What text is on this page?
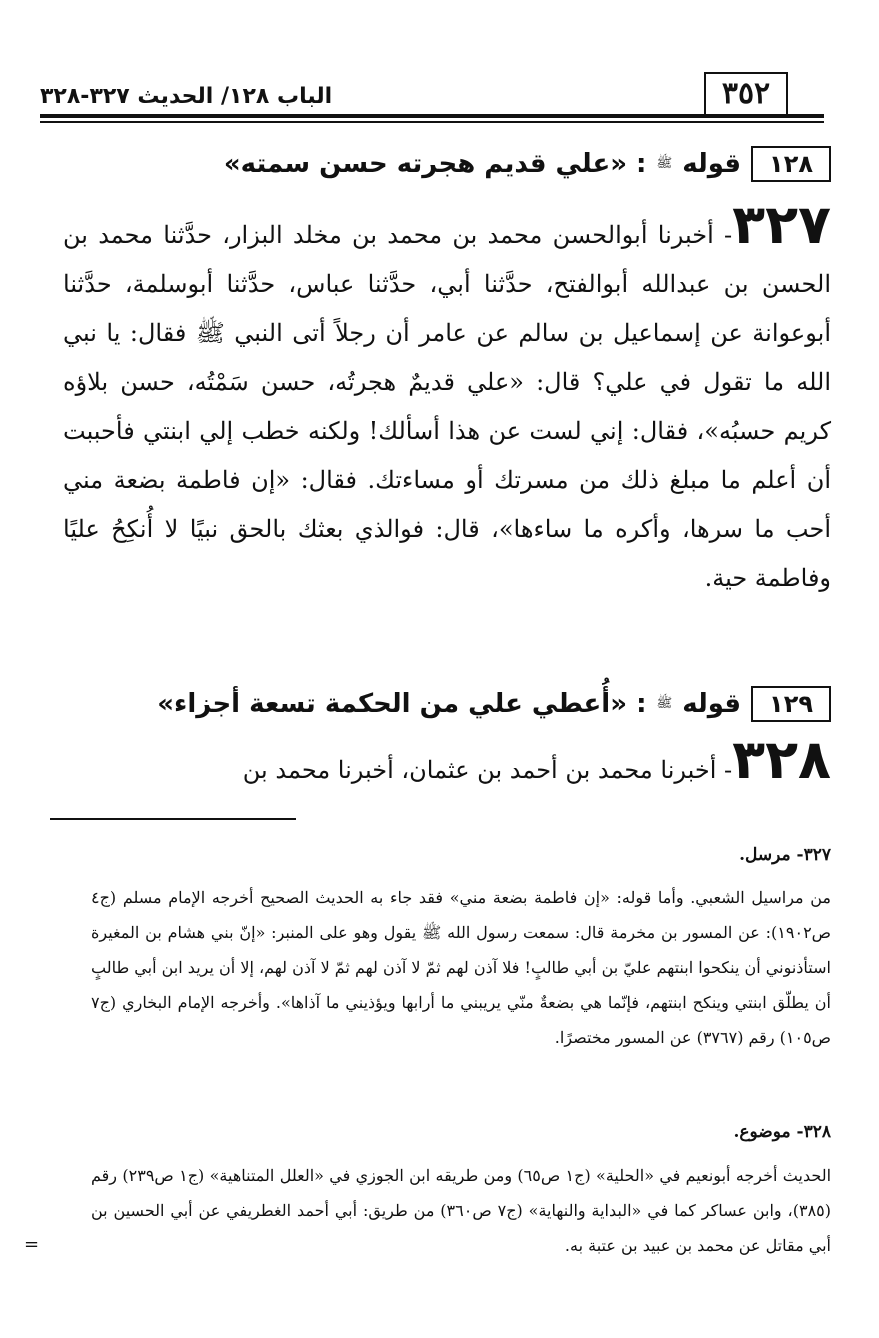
٣٥٢
الباب ١٢٨/ الحديث ٣٢٧-٣٢٨
١٢٨
قوله
ﷺ
: «علي قديم هجرته حسن سمته»
٣٢٧- أخبرنا أبوالحسن محمد بن محمد بن مخلد البزار، حدَّثنا محمد بن الحسن بن عبدالله أبوالفتح، حدَّثنا أبي، حدَّثنا عباس، حدَّثنا أبوسلمة، حدَّثنا أبوعوانة عن إسماعيل بن سالم عن عامر أن رجلاً أتى النبي ﷺ فقال: يا نبي الله ما تقول في علي؟ قال: «علي قديمٌ هجرتُه، حسن سَمْتُه، حسن بلاؤه كريم حسبُه»، فقال: إني لست عن هذا أسألك! ولكنه خطب إلي ابنتي فأحببت أن أعلم ما مبلغ ذلك من مسرتك أو مساءتك. فقال: «إن فاطمة بضعة مني أحب ما سرها، وأكره ما ساءها»، قال: فوالذي بعثك بالحق نبيًا لا أُنكِحُ عليًا وفاطمة حية.
١٢٩
قوله
ﷺ
: «أُعطي علي من الحكمة تسعة أجزاء»
٣٢٨- أخبرنا محمد بن أحمد بن عثمان، أخبرنا محمد بن
٣٢٧- مرسل.
من مراسيل الشعبي. وأما قوله: «إن فاطمة بضعة مني» فقد جاء به الحديث الصحيح أخرجه الإمام مسلم (ج٤ ص١٩٠٢): عن المسور بن مخرمة قال: سمعت رسول الله ﷺ يقول وهو على المنبر: «إنّ بني هشام بن المغيرة استأذنوني أن ينكحوا ابنتهم عليّ بن أبي طالبٍ! فلا آذن لهم ثمّ لا آذن لهم ثمّ لا آذن لهم، إلا أن يريد ابن أبي طالبٍ أن يطلّق ابنتي وينكح ابنتهم، فإنّما هي بضعةٌ منّي يريبني ما أرابها ويؤذيني ما آذاها». وأخرجه الإمام البخاري (ج٧ ص١٠٥) رقم (٣٧٦٧) عن المسور مختصرًا.
٣٢٨- موضوع.
الحديث أخرجه أبونعيم في «الحلية» (ج١ ص٦٥) ومن طريقه ابن الجوزي في «العلل المتناهية» (ج١ ص٢٣٩) رقم (٣٨٥)، وابن عساكر كما في «البداية والنهاية» (ج٧ ص٣٦٠) من طريق: أبي أحمد الغطريفي عن أبي الحسين بن أبي مقاتل عن محمد بن عبيد بن عتبة به.
=
